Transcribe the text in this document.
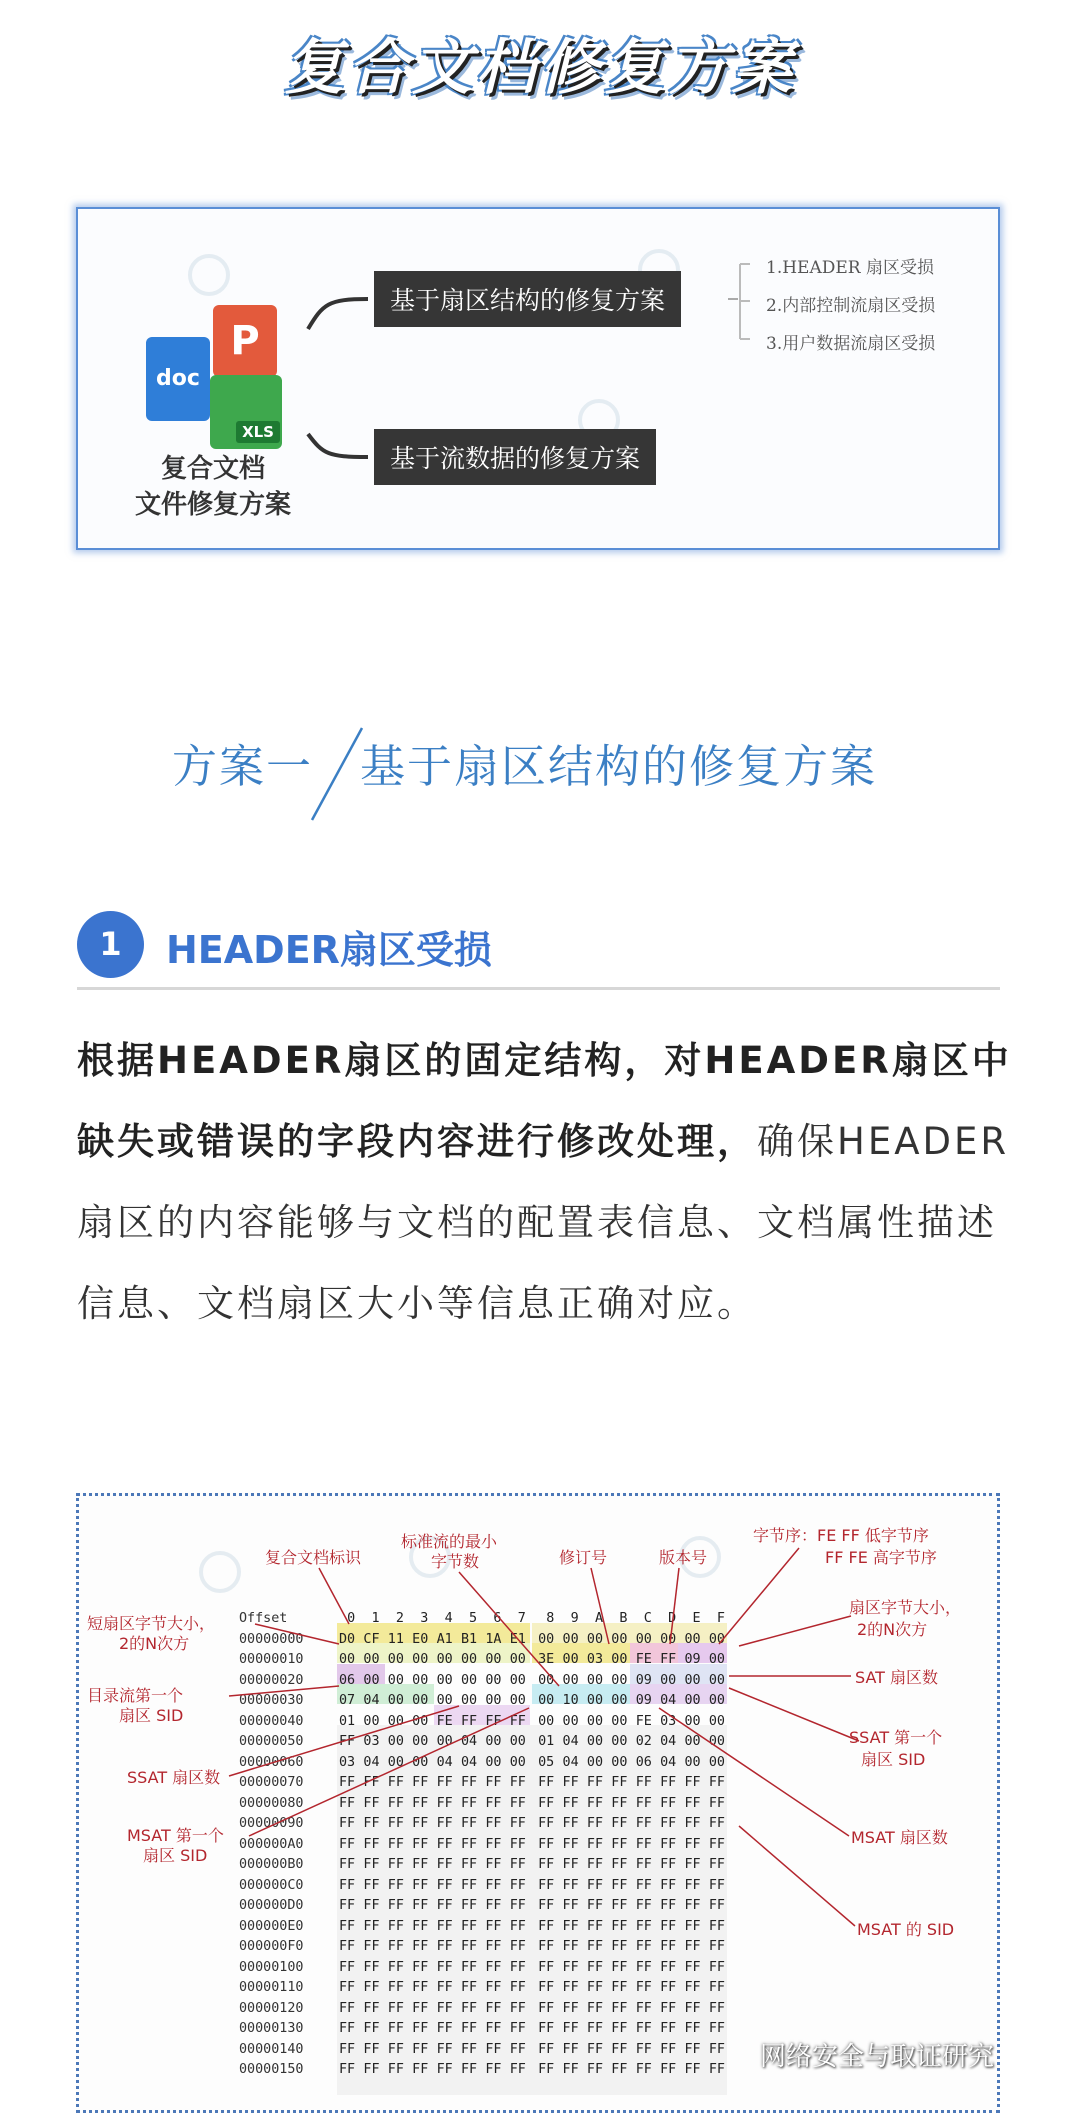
复合文档修复方案
doc
P
XLS
复合文档
文件修复方案
基于扇区结构的修复方案
基于流数据的修复方案
1.HEADER 扇区受损
2.内部控制流扇区受损
3.用户数据流扇区受损
方案一 基于扇区结构的修复方案
1	HEADER扇区受损
根据HEADER扇区的固定结构，对HEADER扇区中缺失或错误的字段内容进行修改处理，确保HEADER扇区的内容能够与文档的配置表信息、文档属性描述信息、文档扇区大小等信息正确对应。
Offset	0 1 2 3 4 5 6 7 8 9 A B C D E F
00000000	D0 CF 11 E0 A1 B1 1A E1 00 00 00 00 00 00 00 00
00000010	00 00 00 00 00 00 00 00 3E 00 03 00 FE FF 09 00
00000020	06 00 00 00 00 00 00 00 00 00 00 00 09 00 00 00
00000030	07 04 00 00 00 00 00 00 00 10 00 00 09 04 00 00
00000040	01 00 00 00 FE FF FF FF 00 00 00 00 FE 03 00 00
00000050	FF 03 00 00 00 04 00 00 01 04 00 00 02 04 00 00
00000060	03 04 00 00 04 04 00 00 05 04 00 00 06 04 00 00
00000070	FF FF FF FF FF FF FF FF FF FF FF FF FF FF FF FF
00000080	FF FF FF FF FF FF FF FF FF FF FF FF FF FF FF FF
00000090	FF FF FF FF FF FF FF FF FF FF FF FF FF FF FF FF
000000A0	FF FF FF FF FF FF FF FF FF FF FF FF FF FF FF FF
000000B0	FF FF FF FF FF FF FF FF FF FF FF FF FF FF FF FF
000000C0	FF FF FF FF FF FF FF FF FF FF FF FF FF FF FF FF
000000D0	FF FF FF FF FF FF FF FF FF FF FF FF FF FF FF FF
000000E0	FF FF FF FF FF FF FF FF FF FF FF FF FF FF FF FF
000000F0	FF FF FF FF FF FF FF FF FF FF FF FF FF FF FF FF
00000100	FF FF FF FF FF FF FF FF FF FF FF FF FF FF FF FF
00000110	FF FF FF FF FF FF FF FF FF FF FF FF FF FF FF FF
00000120	FF FF FF FF FF FF FF FF FF FF FF FF FF FF FF FF
00000130	FF FF FF FF FF FF FF FF FF FF FF FF FF FF FF FF
00000140	FF FF FF FF FF FF FF FF FF FF FF FF FF FF FF FF
00000150	FF FF FF FF FF FF FF FF FF FF FF FF FF FF FF FF
复合文档标识
标准流的最小
字节数	修订号	版本号
字节序：FE FF 低字节序
FF FE 高字节序
短扇区字节大小，
2的N次方
扇区字节大小，
2的N次方
SAT 扇区数
目录流第一个
扇区 SID
SSAT 第一个
扇区 SID
SSAT 扇区数
MSAT 第一个
扇区 SID
MSAT 扇区数
MSAT 的 SID
网络安全与取证研究
